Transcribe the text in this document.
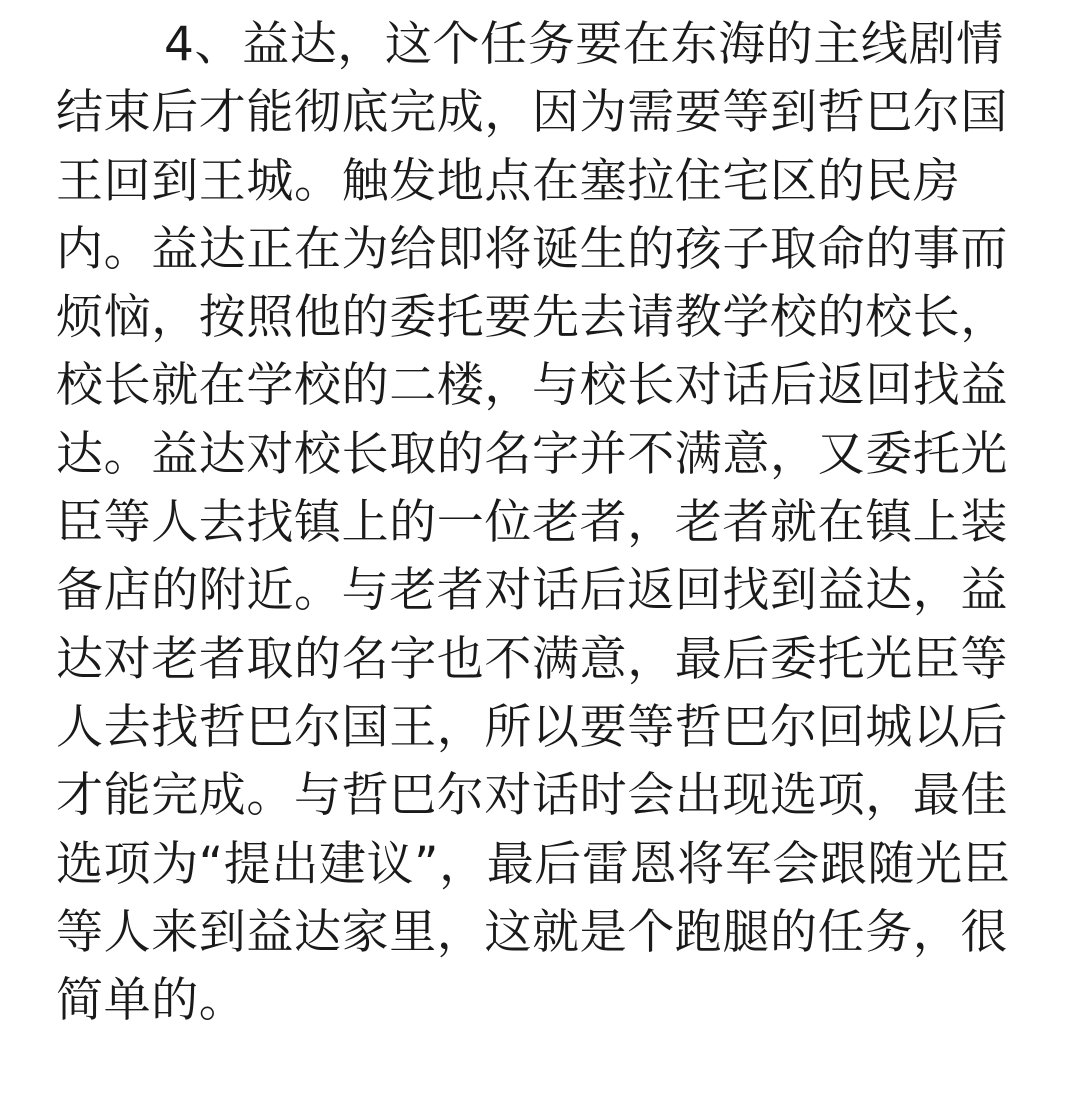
4、益达，这个任务要在东海的主线剧情
结束后才能彻底完成，因为需要等到哲巴尔国
王回到王城。触发地点在塞拉住宅区的民房
内。益达正在为给即将诞生的孩子取命的事而
烦恼，按照他的委托要先去请教学校的校长，
校长就在学校的二楼，与校长对话后返回找益
达。益达对校长取的名字并不满意，又委托光
臣等人去找镇上的一位老者，老者就在镇上装
备店的附近。与老者对话后返回找到益达，益
达对老者取的名字也不满意，最后委托光臣等
人去找哲巴尔国王，所以要等哲巴尔回城以后
才能完成。与哲巴尔对话时会出现选项，最佳
选项为“提出建议”，最后雷恩将军会跟随光臣
等人来到益达家里，这就是个跑腿的任务，很
简单的。
